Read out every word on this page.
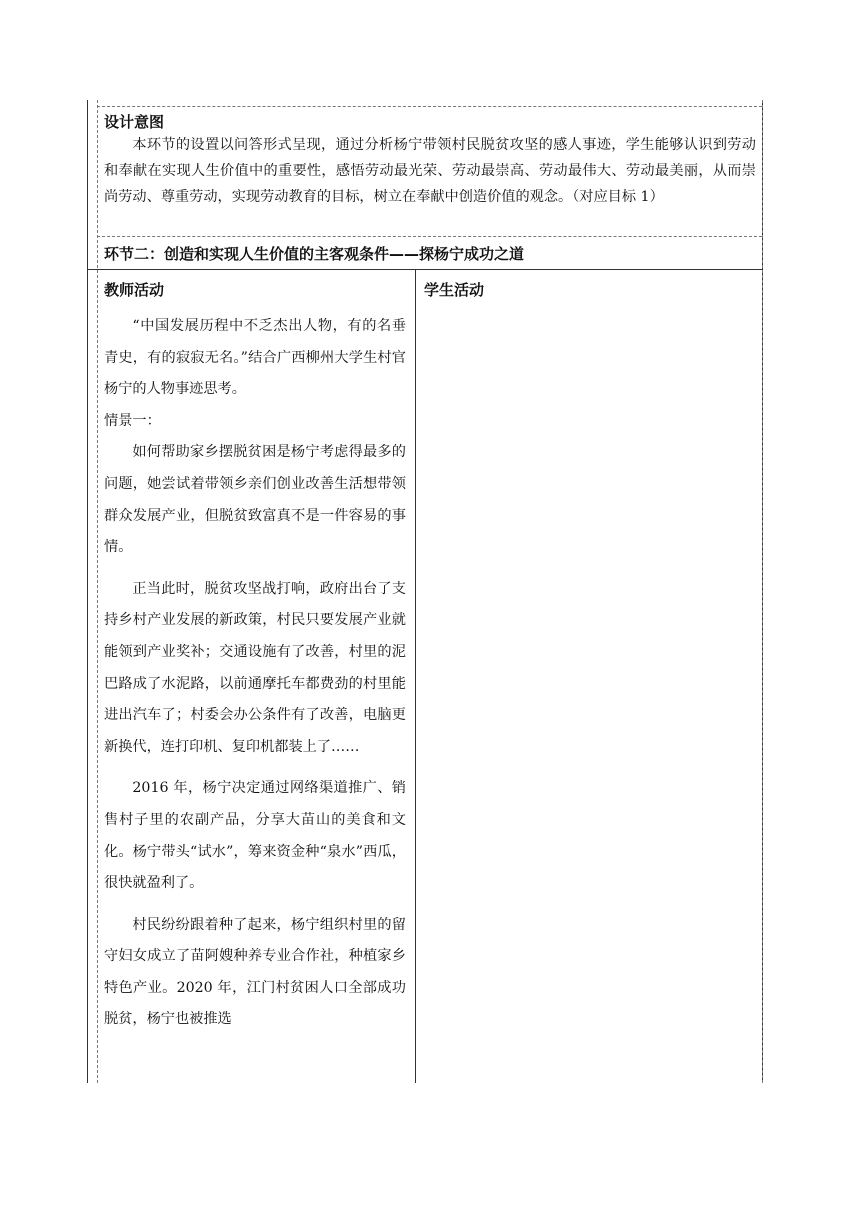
设计意图
本环节的设置以问答形式呈现，通过分析杨宁带领村民脱贫攻坚的感人事迹，学生能够认识到劳动和奉献在实现人生价值中的重要性，感悟劳动最光荣、劳动最崇高、劳动最伟大、劳动最美丽，从而崇尚劳动、尊重劳动，实现劳动教育的目标，树立在奉献中创造价值的观念。（对应目标 1）
环节二：创造和实现人生价值的主客观条件——探杨宁成功之道
教师活动	学生活动

“中国发展历程中不乏杰出人物，有的名垂青史，有的寂寂无名。”结合广西柳州大学生村官杨宁的人物事迹思考。

情景一：

如何帮助家乡摆脱贫困是杨宁考虑得最多的问题，她尝试着带领乡亲们创业改善生活想带领群众发展产业，但脱贫致富真不是一件容易的事情。

正当此时，脱贫攻坚战打响，政府出台了支持乡村产业发展的新政策，村民只要发展产业就能领到产业奖补；交通设施有了改善，村里的泥巴路成了水泥路，以前通摩托车都费劲的村里能进出汽车了；村委会办公条件有了改善，电脑更新换代，连打印机、复印机都装上了……

2016 年，杨宁决定通过网络渠道推广、销售村子里的农副产品，分享大苗山的美食和文化。杨宁带头“试水”，筹来资金种“泉水”西瓜，很快就盈利了。

村民纷纷跟着种了起来，杨宁组织村里的留守妇女成立了苗阿嫂种养专业合作社，种植家乡特色产业。2020 年，江门村贫困人口全部成功脱贫，杨宁也被推选
